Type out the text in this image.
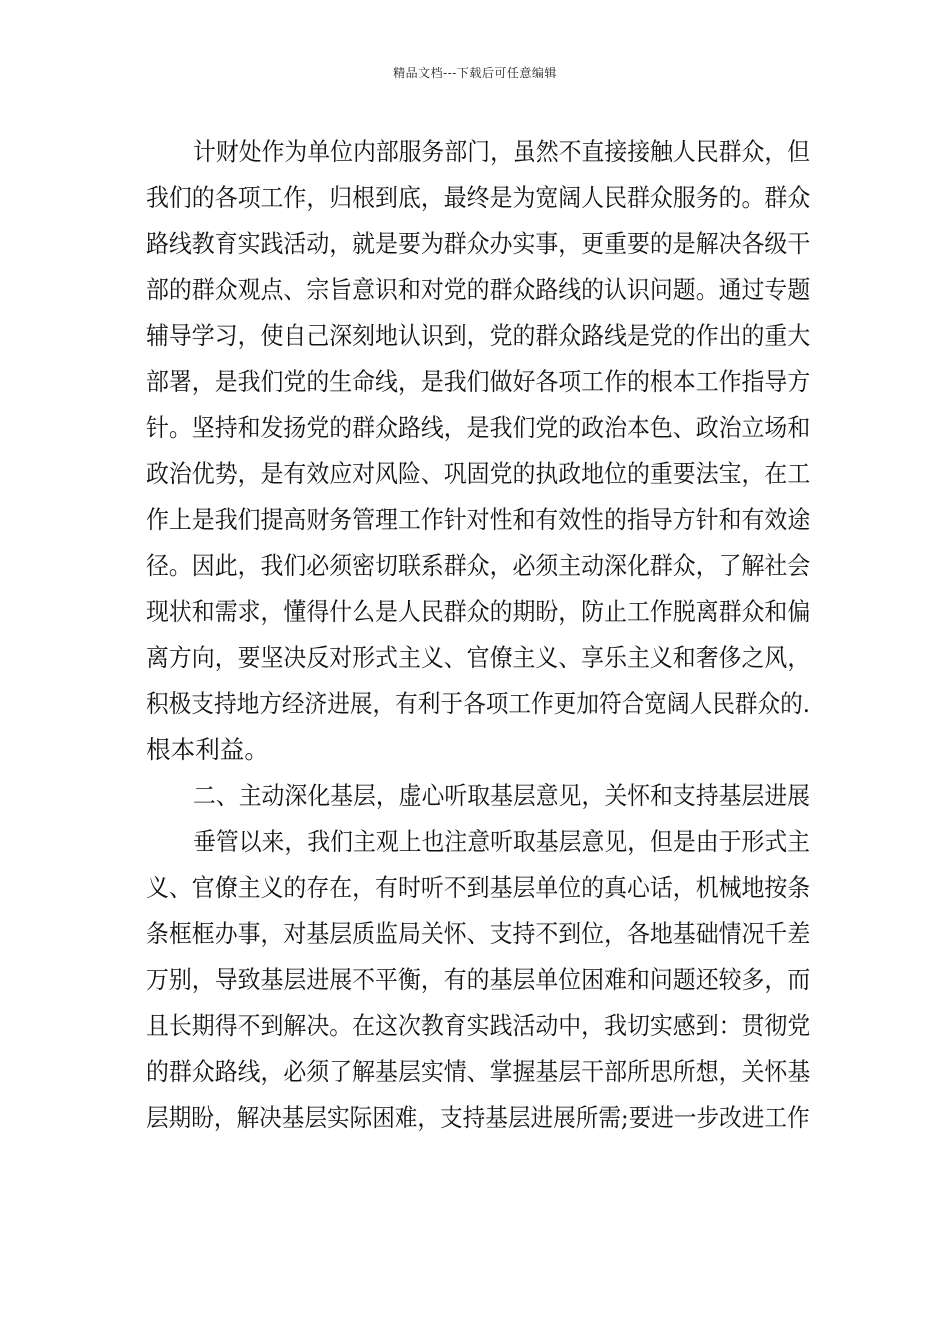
精品文档---下载后可任意编辑
计财处作为单位内部服务部门，虽然不直接接触人民群众，但
我们的各项工作，归根到底，最终是为宽阔人民群众服务的。群众
路线教育实践活动，就是要为群众办实事，更重要的是解决各级干
部的群众观点、宗旨意识和对党的群众路线的认识问题。通过专题
辅导学习，使自己深刻地认识到，党的群众路线是党的作出的重大
部署，是我们党的生命线，是我们做好各项工作的根本工作指导方
针。坚持和发扬党的群众路线，是我们党的政治本色、政治立场和
政治优势，是有效应对风险、巩固党的执政地位的重要法宝，在工
作上是我们提高财务管理工作针对性和有效性的指导方针和有效途
径。因此，我们必须密切联系群众，必须主动深化群众，了解社会
现状和需求，懂得什么是人民群众的期盼，防止工作脱离群众和偏
离方向，要坚决反对形式主义、官僚主义、享乐主义和奢侈之风，
积极支持地方经济进展，有利于各项工作更加符合宽阔人民群众的.
根本利益。
二、主动深化基层，虚心听取基层意见，关怀和支持基层进展
垂管以来，我们主观上也注意听取基层意见，但是由于形式主
义、官僚主义的存在，有时听不到基层单位的真心话，机械地按条
条框框办事，对基层质监局关怀、支持不到位，各地基础情况千差
万别，导致基层进展不平衡，有的基层单位困难和问题还较多，而
且长期得不到解决。在这次教育实践活动中，我切实感到：贯彻党
的群众路线，必须了解基层实情、掌握基层干部所思所想，关怀基
层期盼，解决基层实际困难，支持基层进展所需;要进一步改进工作
